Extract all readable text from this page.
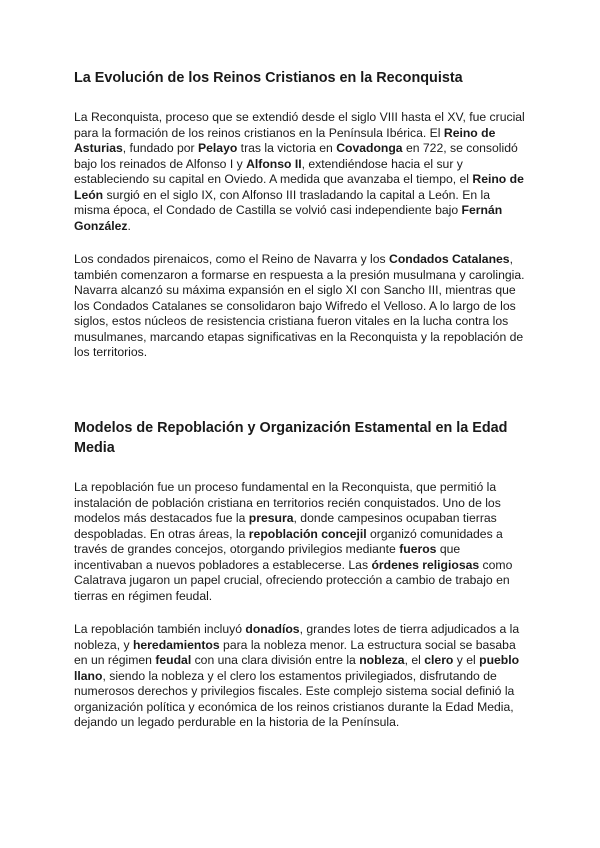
La Evolución de los Reinos Cristianos en la Reconquista

La Reconquista, proceso que se extendió desde el siglo VIII hasta el XV, fue crucial para la formación de los reinos cristianos en la Península Ibérica. El Reino de Asturias, fundado por Pelayo tras la victoria en Covadonga en 722, se consolidó bajo los reinados de Alfonso I y Alfonso II, extendiéndose hacia el sur y estableciendo su capital en Oviedo. A medida que avanzaba el tiempo, el Reino de León surgió en el siglo IX, con Alfonso III trasladando la capital a León. En la misma época, el Condado de Castilla se volvió casi independiente bajo Fernán González.

Los condados pirenaicos, como el Reino de Navarra y los Condados Catalanes, también comenzaron a formarse en respuesta a la presión musulmana y carolingia. Navarra alcanzó su máxima expansión en el siglo XI con Sancho III, mientras que los Condados Catalanes se consolidaron bajo Wifredo el Velloso. A lo largo de los siglos, estos núcleos de resistencia cristiana fueron vitales en la lucha contra los musulmanes, marcando etapas significativas en la Reconquista y la repoblación de los territorios.

Modelos de Repoblación y Organización Estamental en la Edad Media

La repoblación fue un proceso fundamental en la Reconquista, que permitió la instalación de población cristiana en territorios recién conquistados. Uno de los modelos más destacados fue la presura, donde campesinos ocupaban tierras despobladas. En otras áreas, la repoblación concejil organizó comunidades a través de grandes concejos, otorgando privilegios mediante fueros que incentivaban a nuevos pobladores a establecerse. Las órdenes religiosas como Calatrava jugaron un papel crucial, ofreciendo protección a cambio de trabajo en tierras en régimen feudal.

La repoblación también incluyó donadíos, grandes lotes de tierra adjudicados a la nobleza, y heredamientos para la nobleza menor. La estructura social se basaba en un régimen feudal con una clara división entre la nobleza, el clero y el pueblo llano, siendo la nobleza y el clero los estamentos privilegiados, disfrutando de numerosos derechos y privilegios fiscales. Este complejo sistema social definió la organización política y económica de los reinos cristianos durante la Edad Media, dejando un legado perdurable en la historia de la Península.
